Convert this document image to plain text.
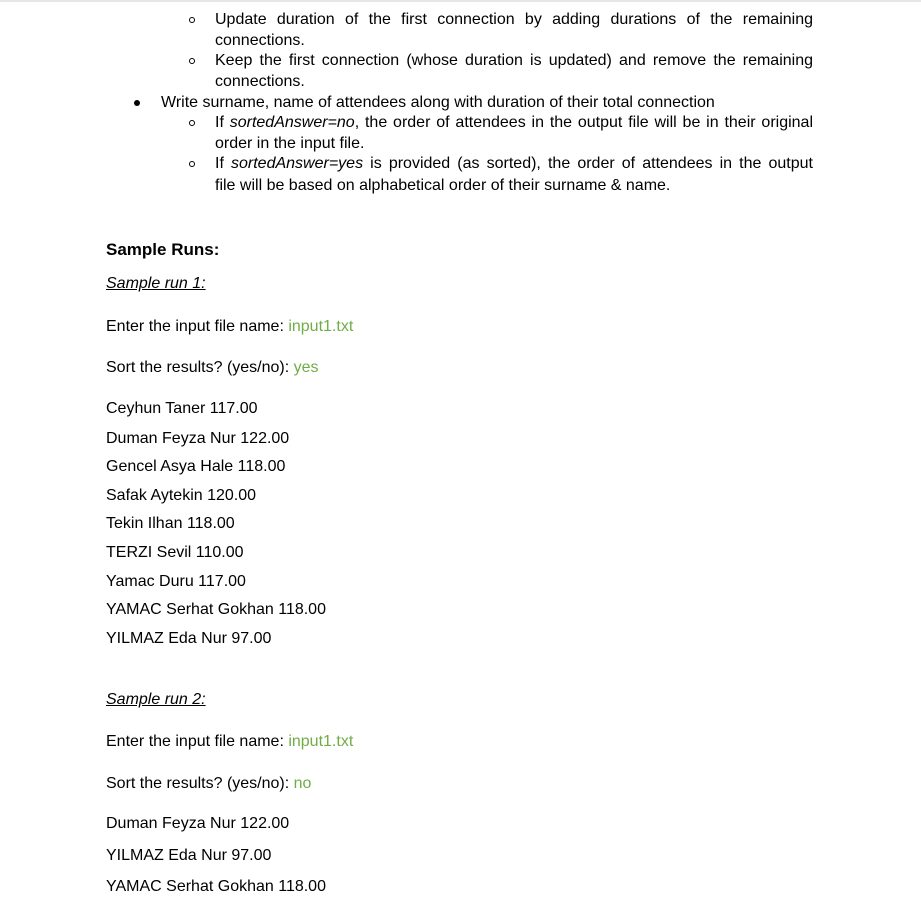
Update duration of the first connection by adding durations of the remaining
connections.
Keep the first connection (whose duration is updated) and remove the remaining
connections.
Write surname, name of attendees along with duration of their total connection
If sortedAnswer=no, the order of attendees in the output file will be in their original
order in the input file.
If sortedAnswer=yes is provided (as sorted), the order of attendees in the output
file will be based on alphabetical order of their surname & name.
Sample Runs:
Sample run 1:
Enter the input file name: input1.txt
Sort the results? (yes/no): yes
Ceyhun Taner 117.00
Duman Feyza Nur 122.00
Gencel Asya Hale 118.00
Safak Aytekin 120.00
Tekin Ilhan 118.00
TERZI Sevil 110.00
Yamac Duru 117.00
YAMAC Serhat Gokhan 118.00
YILMAZ Eda Nur 97.00
Sample run 2:
Enter the input file name: input1.txt
Sort the results? (yes/no): no
Duman Feyza Nur 122.00
YILMAZ Eda Nur 97.00
YAMAC Serhat Gokhan 118.00
